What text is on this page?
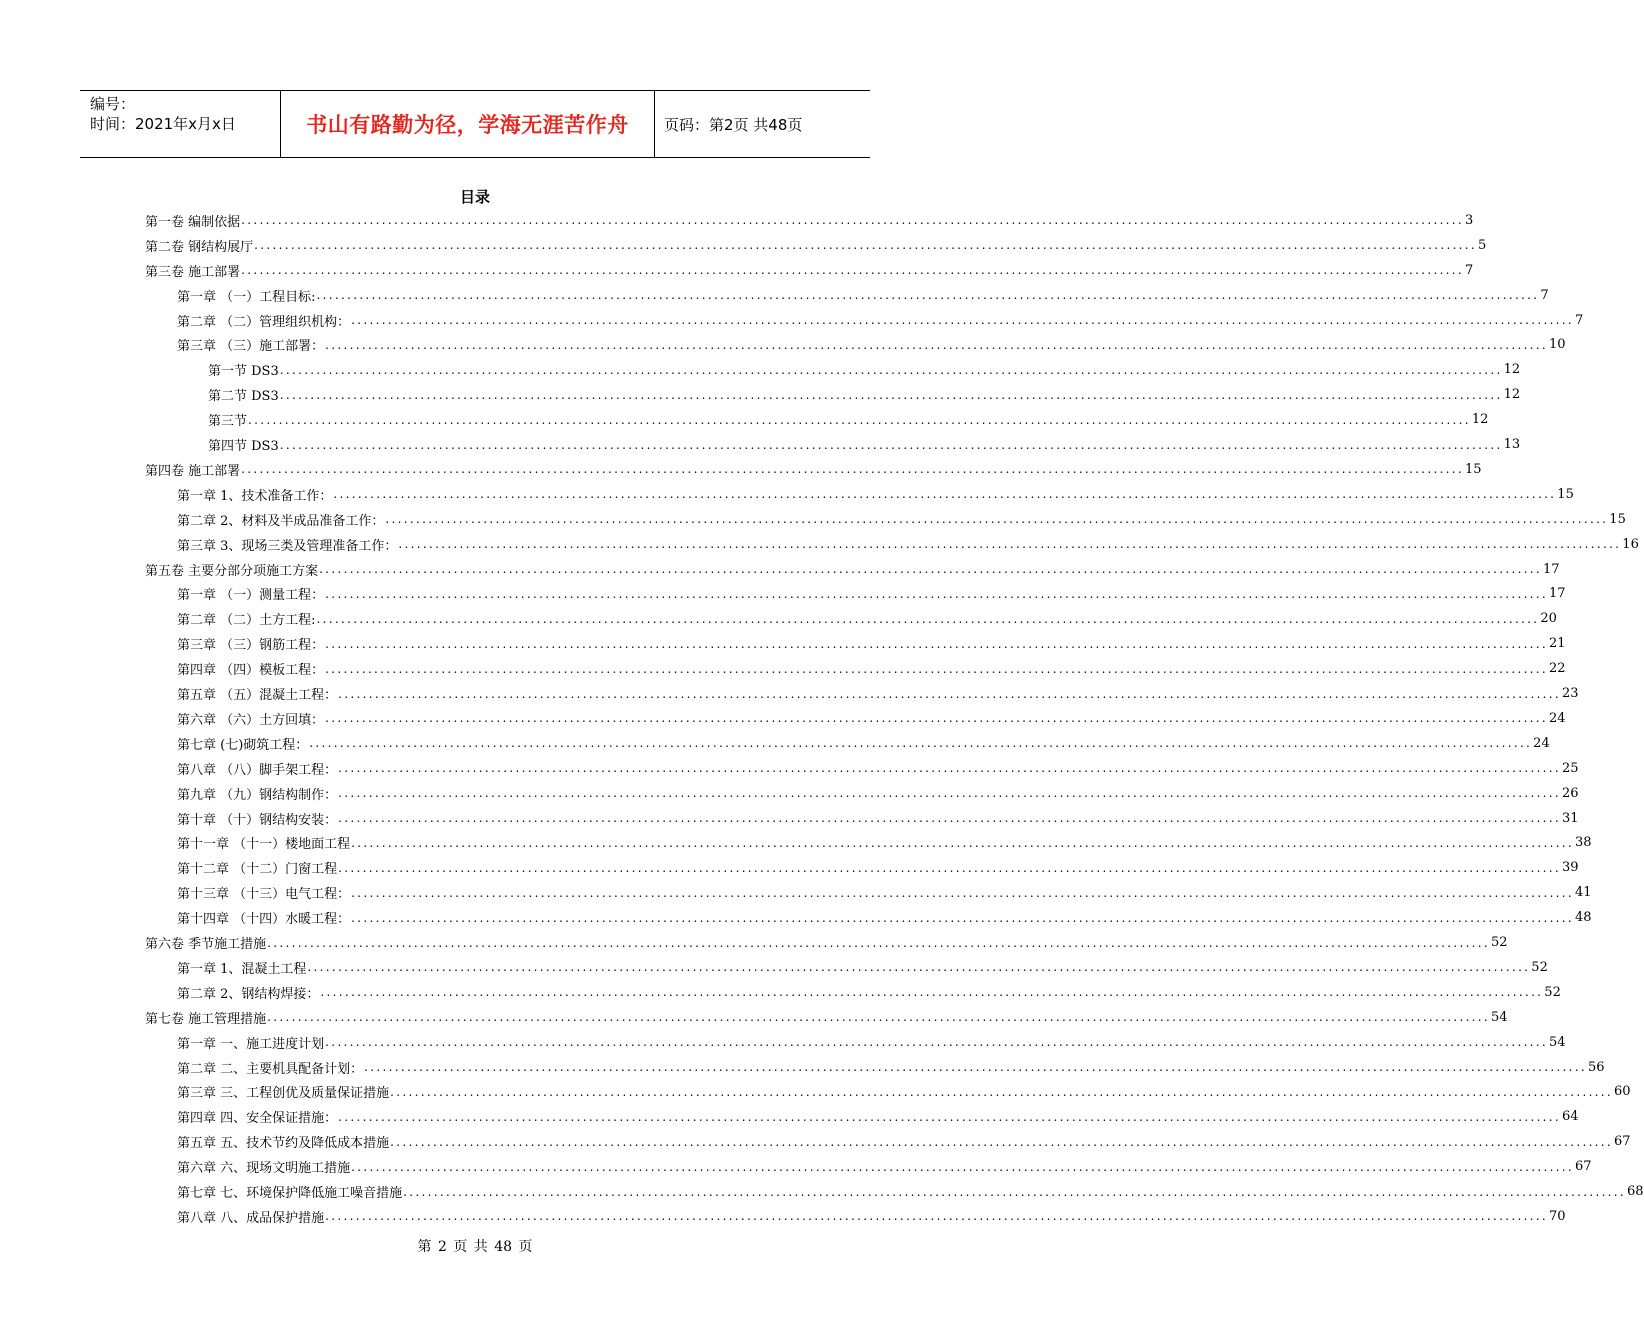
编号：
时间：2021年x月x日	书山有路勤为径，学海无涯苦作舟 页码：第2页 共48页
目录
第一卷 编制依据 ........................................................................................................................................................................................................ 3
第二卷 钢结构展厅 ........................................................................................................................................................................................................ 5
第三卷 施工部署 ........................................................................................................................................................................................................ 7
第一章 （一）工程目标: ........................................................................................................................................................................................................ 7
第二章 （二）管理组织机构： ........................................................................................................................................................................................................ 7
第三章 （三）施工部署： ........................................................................................................................................................................................................ 10
第一节 DS3 ........................................................................................................................................................................................................ 12
第二节 DS3 ........................................................................................................................................................................................................ 12
第三节 ........................................................................................................................................................................................................ 12
第四节 DS3 ........................................................................................................................................................................................................ 13
第四卷 施工部署 ........................................................................................................................................................................................................ 15
第一章 1、技术准备工作： ........................................................................................................................................................................................................ 15
第二章 2、材料及半成品准备工作： ........................................................................................................................................................................................................ 15
第三章 3、现场三类及管理准备工作： ........................................................................................................................................................................................................ 16
第五卷 主要分部分项施工方案 ........................................................................................................................................................................................................ 17
第一章 （一）测量工程： ........................................................................................................................................................................................................ 17
第二章 （二）土方工程: ........................................................................................................................................................................................................ 20
第三章 （三）钢筋工程： ........................................................................................................................................................................................................ 21
第四章 （四）模板工程： ........................................................................................................................................................................................................ 22
第五章 （五）混凝土工程： ........................................................................................................................................................................................................ 23
第六章 （六）土方回填： ........................................................................................................................................................................................................ 24
第七章 (七)砌筑工程： ........................................................................................................................................................................................................ 24
第八章 （八）脚手架工程： ........................................................................................................................................................................................................ 25
第九章 （九）钢结构制作： ........................................................................................................................................................................................................ 26
第十章 （十）钢结构安装： ........................................................................................................................................................................................................ 31
第十一章 （十一）楼地面工程 ........................................................................................................................................................................................................ 38
第十二章 （十二）门窗工程 ........................................................................................................................................................................................................ 39
第十三章 （十三）电气工程： ........................................................................................................................................................................................................ 41
第十四章 （十四）水暖工程： ........................................................................................................................................................................................................ 48
第六卷 季节施工措施 ........................................................................................................................................................................................................ 52
第一章 1、混凝土工程 ........................................................................................................................................................................................................ 52
第二章 2、钢结构焊接： ........................................................................................................................................................................................................ 52
第七卷 施工管理措施 ........................................................................................................................................................................................................ 54
第一章 一、施工进度计划 ........................................................................................................................................................................................................ 54
第二章 二、主要机具配备计划： ........................................................................................................................................................................................................ 56
第三章 三、工程创优及质量保证措施 ........................................................................................................................................................................................................ 60
第四章 四、安全保证措施： ........................................................................................................................................................................................................ 64
第五章 五、技术节约及降低成本措施 ........................................................................................................................................................................................................ 67
第六章 六、现场文明施工措施 ........................................................................................................................................................................................................ 67
第七章 七、环境保护降低施工噪音措施 ........................................................................................................................................................................................................ 68
第八章 八、成品保护措施 ........................................................................................................................................................................................................ 70
第 2 页 共 48 页
